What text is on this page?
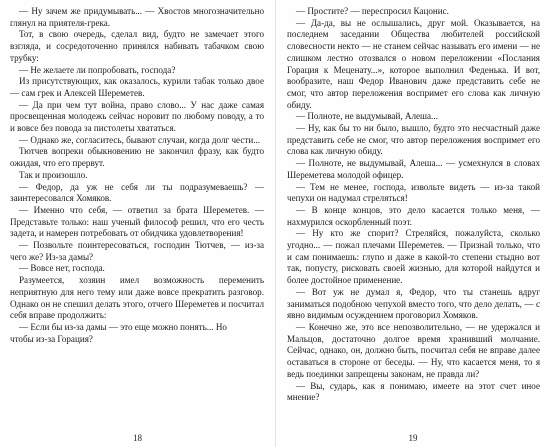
— Ну зачем же придумывать... — Хвостов многозначительно глянул на приятеля-грека.

Тот, в свою очередь, сделал вид, будто не замечает этого взгляда, и сосредоточенно принялся набивать табачком свою трубку:

— Не желаете ли попробовать, господа?

Из присутствующих, как оказалось, курили табак только двое — сам грек и Алексей Шереметев.

— Да при чем тут война, право слово... У нас даже самая просвещенная молодежь сейчас норовит по любому поводу, а то и вовсе без повода за пистолеты хвататься.

— Однако же, согласитесь, бывают случаи, когда долг чести...

Тютчев вопреки обыкновению не закончил фразу, как будто ожидая, что его прервут.

Так и произошло.

— Федор, да уж не себя ли ты подразумеваешь? — заинтересовался Хомяков.

— Именно что себя, — ответил за брата Шереметев. — Представьте только: наш ученый философ решил, что его честь задета, и намерен потребовать от обидчика удовлетворения!

— Позвольте поинтересоваться, господин Тютчев, — из-за чего же? Из-за дамы?

— Вовсе нет, господа.

Разумеется, хозяин имел возможность переменить неприятную для него тему или даже вовсе прекратить разговор. Однако он не спешил делать этого, отчего Шереметев и посчитал себя вправе продолжить:

— Если бы из-за дамы — это еще можно понять... Но

чтобы из-за Горация?

18

— Простите? — переспросил Кацонис.

— Да-да, вы не ослышались, друг мой. Оказывается, на последнем заседании Общества любителей российской словесности некто — не станем сейчас называть его имени — не слишком лестно отозвался о новом переложении «Послания Горация к Меценату...», которое выполнил Феденька. И вот, вообразите, наш Федор Иванович даже представить себе не смог, что автор переложения воспримет его слова как личную обиду.

— Полноте, не выдумывай, Алеша...

— Ну, как бы то ни было, вышло, будто это несчастный даже представить себе не смог, что автор переложения воспримет его слова как личную обиду.

— Полноте, не выдумывай, Алеша... — усмехнулся в словах Шереметева молодой офицер.

— Тем не менее, господа, извольте видеть — из-за такой чепухи он надумал стреляться!

— В конце концов, это дело касается только меня, — нахмурился оскорбленный поэт.

— Ну кто же спорит? Стреляйся, пожалуйста, сколько угодно... — пожал плечами Шереметев. — Признай только, что и сам понимаешь: глупо и даже в какой-то степени стыдно вот так, попусту, рисковать своей жизнью, для которой найдутся и более достойное применение.

— Вот уж не думал я, Федор, что ты станешь вдруг заниматься подобною чепухой вместо того, что дело делать, — с явно видимым осуждением проговорил Хомяков.

— Конечно же, это все непозволительно, — не удержался и Мальцов, достаточно долгое время хранивший молчание. Сейчас, однако, он, должно быть, посчитал себя не вправе далее оставаться в стороне от беседы. — Ну, что касается меня, то я ведь поединки запрещены законам, не правда ли?

— Вы, сударь, как я понимаю, имеете на этот счет иное мнение?

19
